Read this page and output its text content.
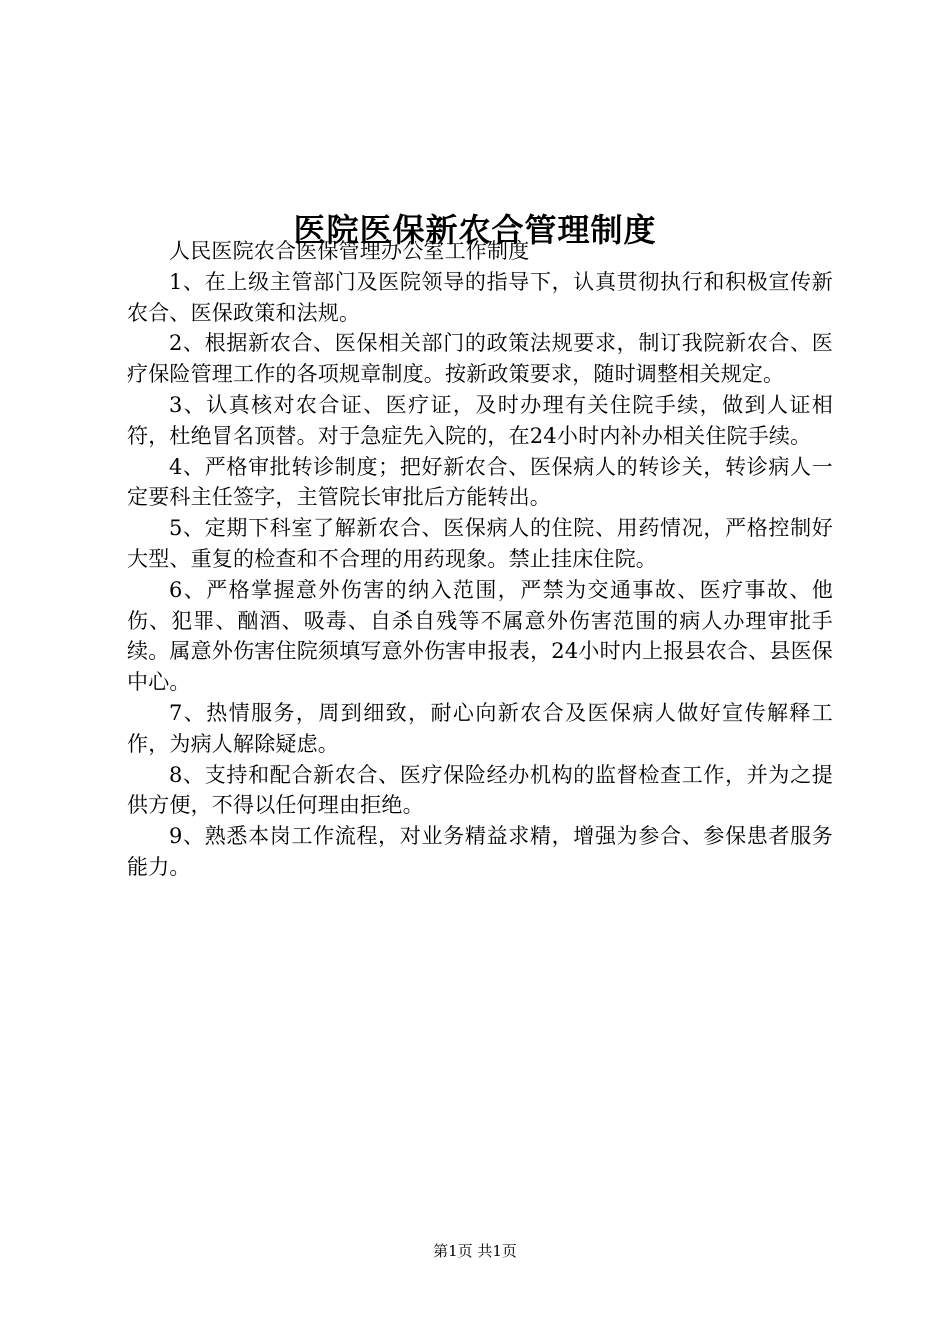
医院医保新农合管理制度

人民医院农合医保管理办公室工作制度

1、在上级主管部门及医院领导的指导下，认真贯彻执行和积极宣传新农合、医保政策和法规。

2、根据新农合、医保相关部门的政策法规要求，制订我院新农合、医疗保险管理工作的各项规章制度。按新政策要求，随时调整相关规定。

3、认真核对农合证、医疗证，及时办理有关住院手续，做到人证相符，杜绝冒名顶替。对于急症先入院的，在24小时内补办相关住院手续。

4、严格审批转诊制度；把好新农合、医保病人的转诊关，转诊病人一定要科主任签字，主管院长审批后方能转出。

5、定期下科室了解新农合、医保病人的住院、用药情况，严格控制好大型、重复的检查和不合理的用药现象。禁止挂床住院。

6、严格掌握意外伤害的纳入范围，严禁为交通事故、医疗事故、他伤、犯罪、酗酒、吸毒、自杀自残等不属意外伤害范围的病人办理审批手续。属意外伤害住院须填写意外伤害申报表，24小时内上报县农合、县医保中心。

7、热情服务，周到细致，耐心向新农合及医保病人做好宣传解释工作，为病人解除疑虑。

8、支持和配合新农合、医疗保险经办机构的监督检查工作，并为之提供方便，不得以任何理由拒绝。

9、熟悉本岗工作流程，对业务精益求精，增强为参合、参保患者服务能力。

第1页 共1页
